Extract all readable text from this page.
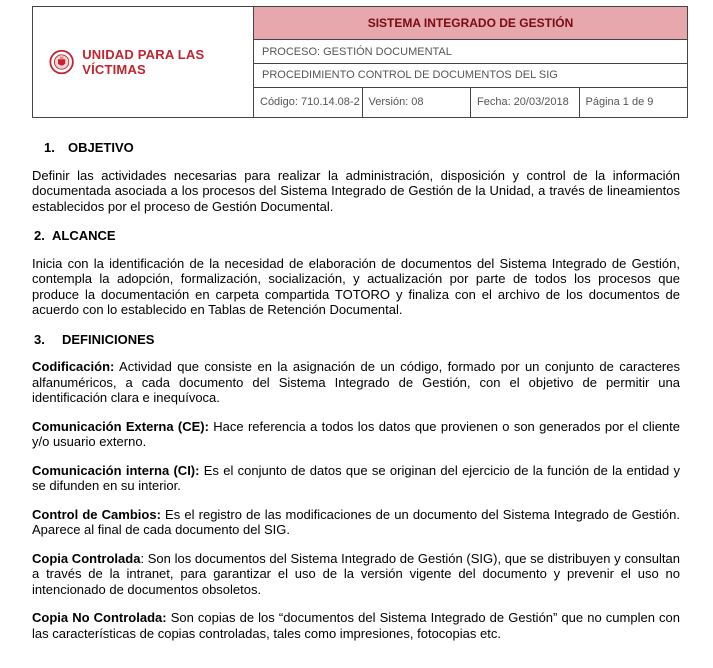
UNIDAD PARA LAS VÍCTIMAS	SISTEMA INTEGRADO DE GESTIÓN			
	PROCESO: GESTIÓN DOCUMENTAL			
	PROCEDIMIENTO CONTROL DE DOCUMENTOS DEL SIG			
	Código: 710.14.08-2	Versión: 08	Fecha: 20/03/2018	Página 1 de 9
1.	OBJETIVO

Definir las actividades necesarias para realizar la administración, disposición y control de la información documentada asociada a los procesos del Sistema Integrado de Gestión de la Unidad, a través de lineamientos establecidos por el proceso de Gestión Documental.

2. ALCANCE

Inicia con la identificación de la necesidad de elaboración de documentos del Sistema Integrado de Gestión, contempla la adopción, formalización, socialización, y actualización por parte de todos los procesos que produce la documentación en carpeta compartida TOTORO y finaliza con el archivo de los documentos de acuerdo con lo establecido en Tablas de Retención Documental.

3.	DEFINICIONES

Codificación: Actividad que consiste en la asignación de un código, formado por un conjunto de caracteres alfanuméricos, a cada documento del Sistema Integrado de Gestión, con el objetivo de permitir una identificación clara e inequívoca.

Comunicación Externa (CE): Hace referencia a todos los datos que provienen o son generados por el cliente y/o usuario externo.

Comunicación interna (CI): Es el conjunto de datos que se originan del ejercicio de la función de la entidad y se difunden en su interior.

Control de Cambios: Es el registro de las modificaciones de un documento del Sistema Integrado de Gestión. Aparece al final de cada documento del SIG.

Copia Controlada: Son los documentos del Sistema Integrado de Gestión (SIG), que se distribuyen y consultan a través de la intranet, para garantizar el uso de la versión vigente del documento y prevenir el uso no intencionado de documentos obsoletos.

Copia No Controlada: Son copias de los “documentos del Sistema Integrado de Gestión” que no cumplen con las características de copias controladas, tales como impresiones, fotocopias etc.
